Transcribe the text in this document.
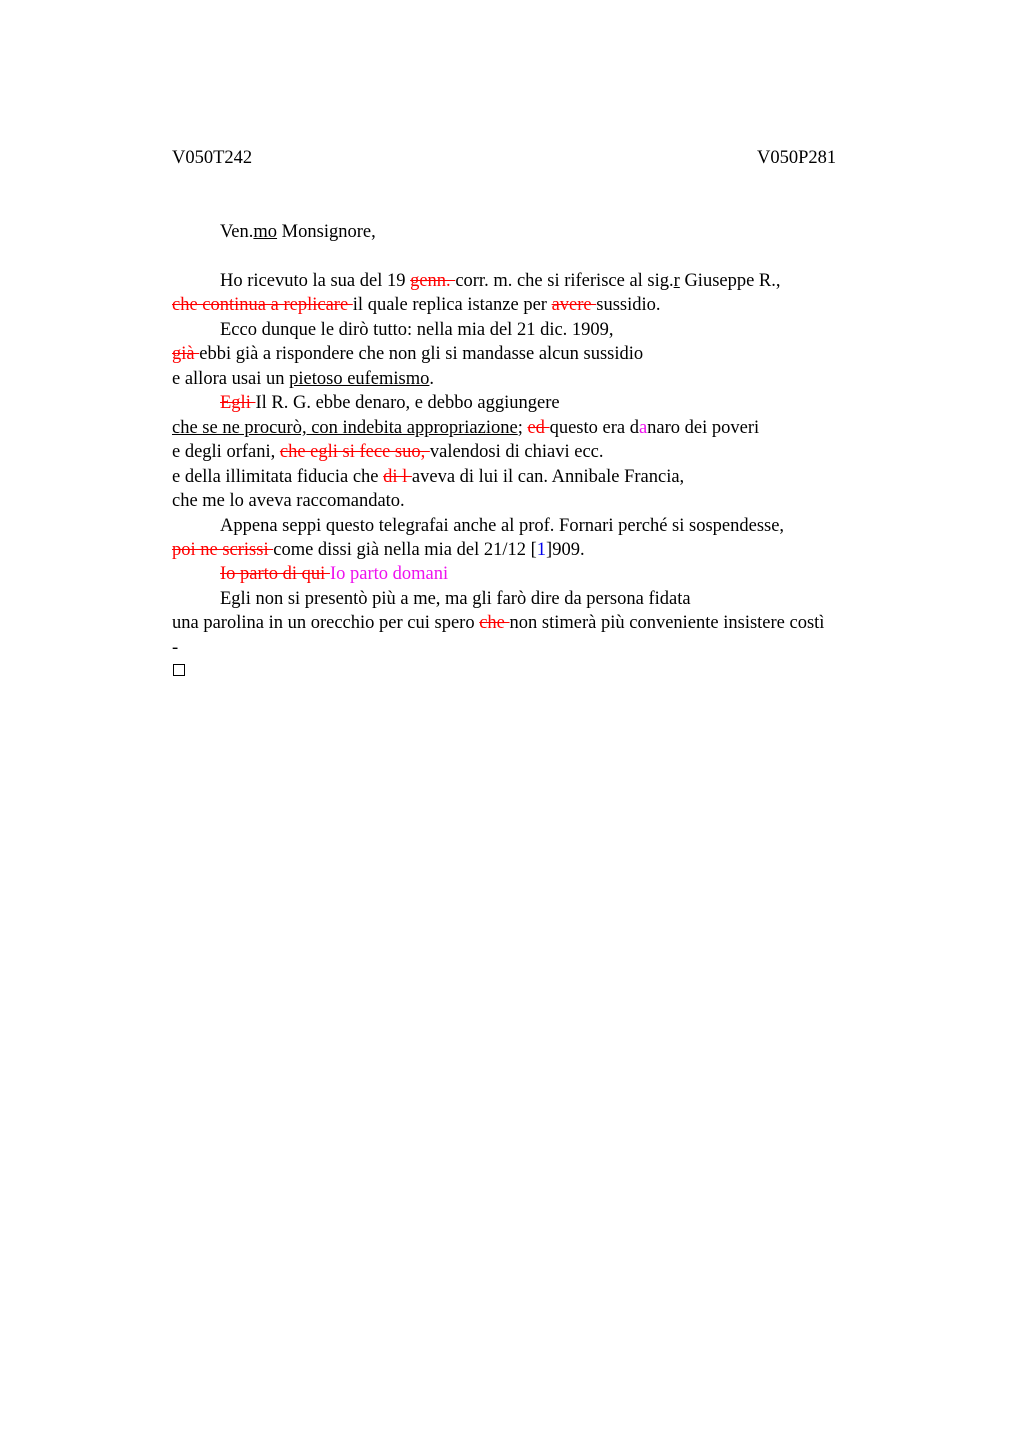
V050T242	V050P281
Ven.mo Monsignore,
Ho ricevuto la sua del 19 genn. corr. m. che si riferisce al sig.r Giuseppe R.,
che continua a replicare il quale replica istanze per avere sussidio.
Ecco dunque le dirò tutto: nella mia del 21 dic. 1909,
già ebbi già a rispondere che non gli si mandasse alcun sussidio
e allora usai un pietoso eufemismo.
Egli Il R. G. ebbe denaro, e debbo aggiungere
che se ne procurò, con indebita appropriazione; ed questo era danaro dei poveri
e degli orfani, che egli si fece suo, valendosi di chiavi ecc.
e della illimitata fiducia che di l aveva di lui il can. Annibale Francia,
che me lo aveva raccomandato.
Appena seppi questo telegrafai anche al prof. Fornari perché si sospendesse,
poi ne scrissi come dissi già nella mia del 21/12 [1]909.
Io parto di qui Io parto domani
Egli non si presentò più a me, ma gli farò dire da persona fidata
una parolina in un orecchio per cui spero che non stimerà più conveniente insistere costì
-
